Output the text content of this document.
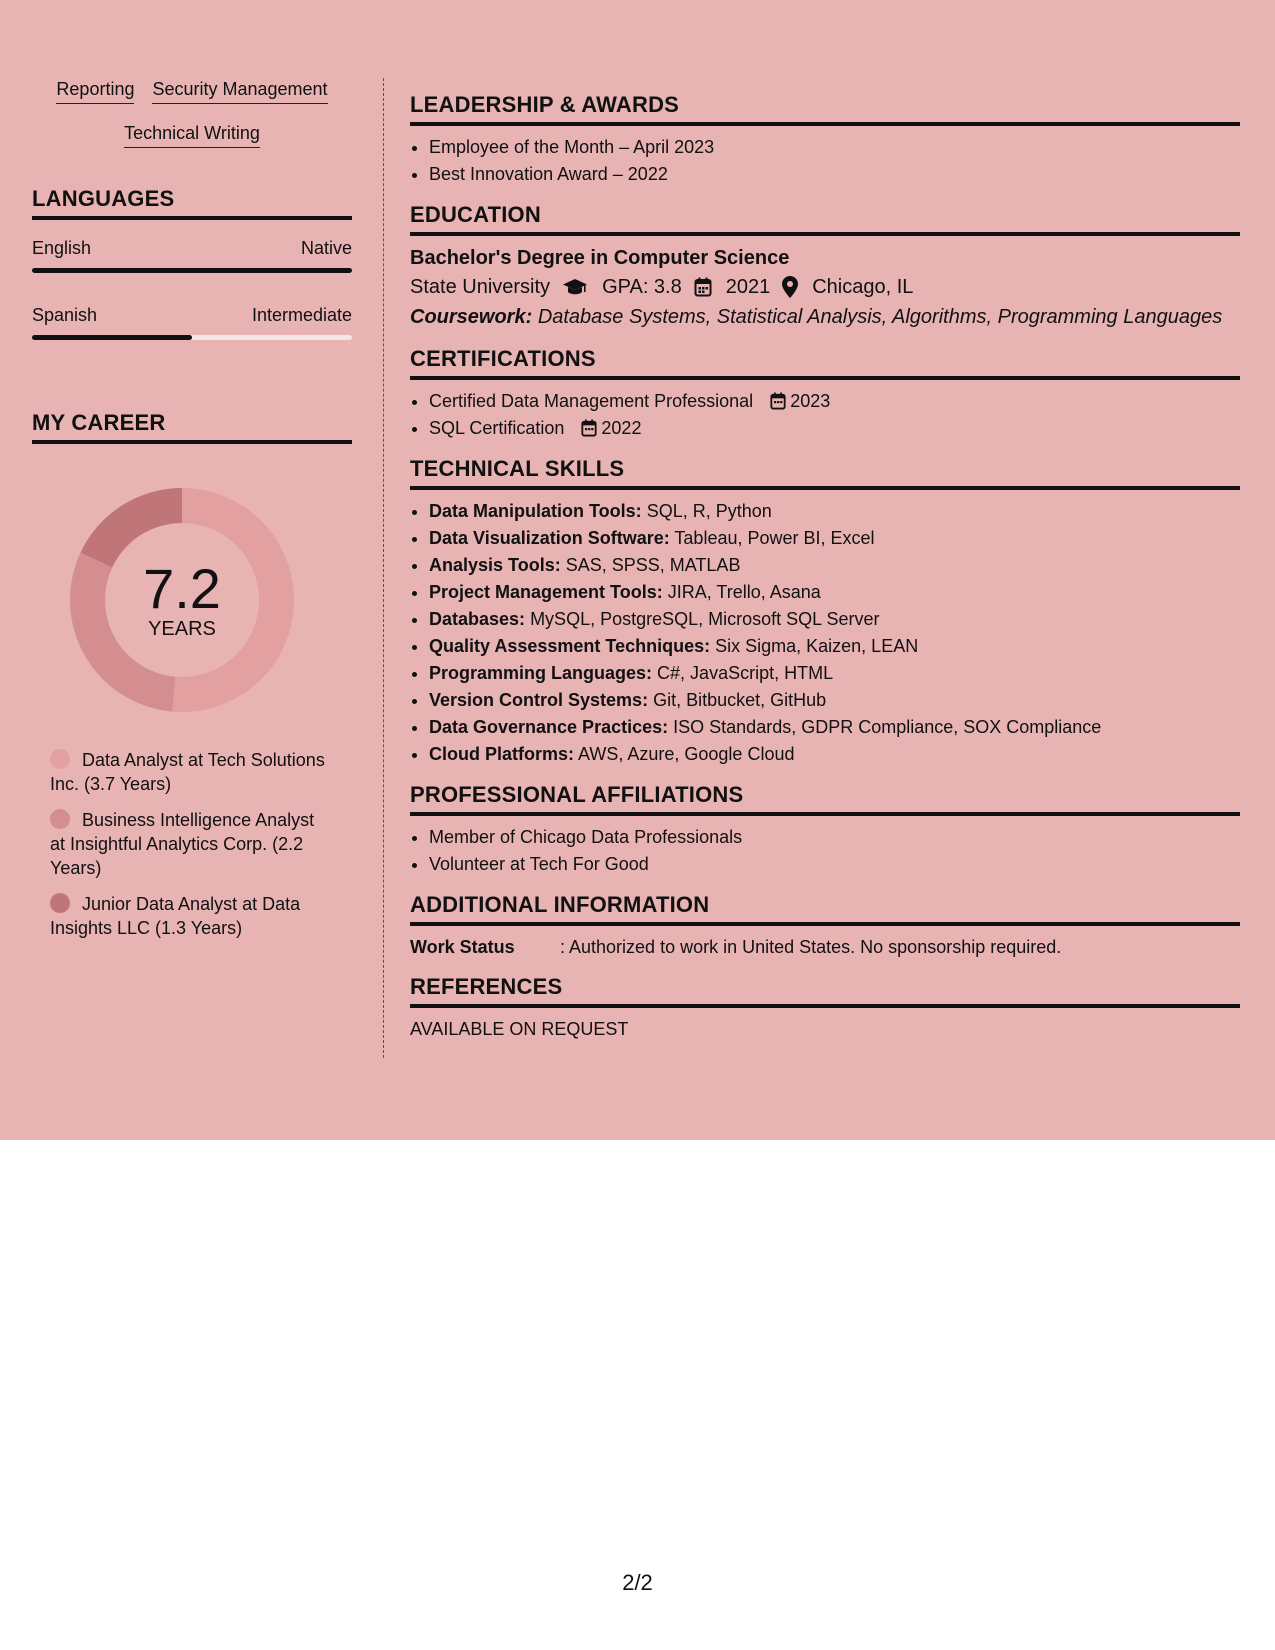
Reporting Security Management
Technical Writing
LANGUAGES
English	Native
Spanish	Intermediate
MY CAREER
7.2
YEARS
Data Analyst at Tech Solutions Inc. (3.7 Years)
Business Intelligence Analyst at Insightful Analytics Corp. (2.2 Years)
Junior Data Analyst at Data Insights LLC (1.3 Years)
LEADERSHIP & AWARDS
• Employee of the Month – April 2023
• Best Innovation Award – 2022
EDUCATION
Bachelor's Degree in Computer Science
State University	GPA: 3.8 2021 Chicago, IL
Coursework: Database Systems, Statistical Analysis, Algorithms, Programming Languages
CERTIFICATIONS
• Certified Data Management Professional 2023
• SQL Certification 2022
TECHNICAL SKILLS
• Data Manipulation Tools: SQL, R, Python
• Data Visualization Software: Tableau, Power BI, Excel
• Analysis Tools: SAS, SPSS, MATLAB
• Project Management Tools: JIRA, Trello, Asana
• Databases: MySQL, PostgreSQL, Microsoft SQL Server
• Quality Assessment Techniques: Six Sigma, Kaizen, LEAN
• Programming Languages: C#, JavaScript, HTML
• Version Control Systems: Git, Bitbucket, GitHub
• Data Governance Practices: ISO Standards, GDPR Compliance, SOX Compliance
• Cloud Platforms: AWS, Azure, Google Cloud
PROFESSIONAL AFFILIATIONS
• Member of Chicago Data Professionals
• Volunteer at Tech For Good
ADDITIONAL INFORMATION
Work Status	: Authorized to work in United States. No sponsorship required.
REFERENCES
AVAILABLE ON REQUEST
2/2
